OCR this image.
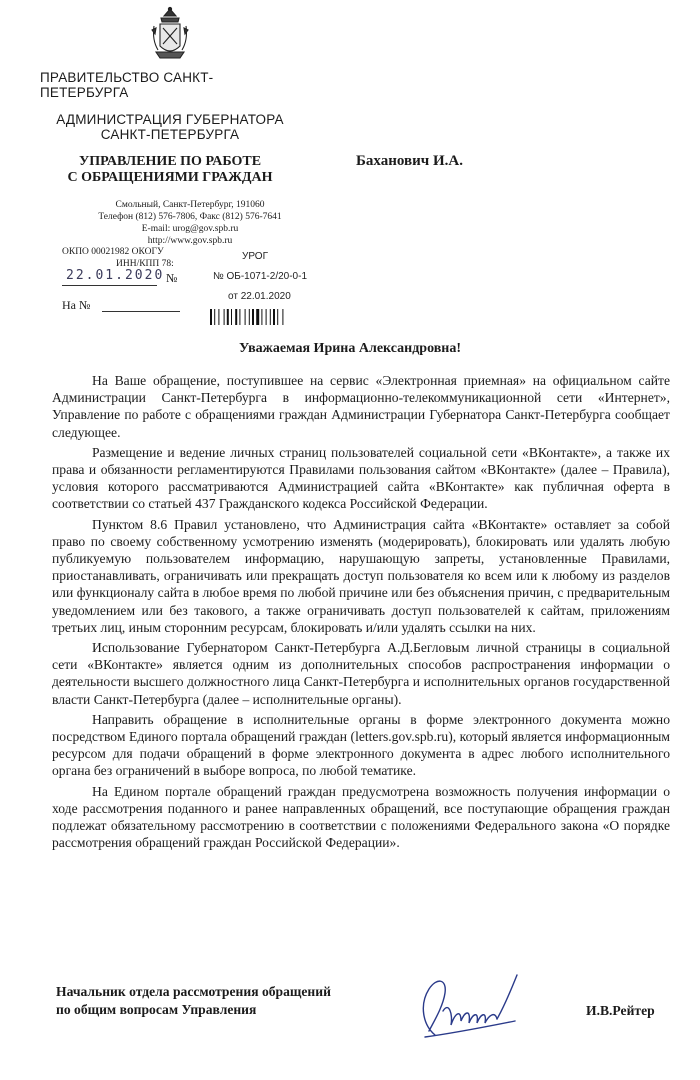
ПРАВИТЕЛЬСТВО САНКТ-ПЕТЕРБУРГА
АДМИНИСТРАЦИЯ ГУБЕРНАТОРА
САНКТ-ПЕТЕРБУРГА
УПРАВЛЕНИЕ ПО РАБОТЕ
С ОБРАЩЕНИЯМИ ГРАЖДАН
Смольный, Санкт-Петербург, 191060
Телефон (812) 576-7806, Факс (812) 576-7641
E-mail: urog@gov.spb.ru
http://www.gov.spb.ru
ОКПО 00021982 ОКОГУ
ИНН/КПП 78:
22.01.2020 №
На №
УРОГ
№ ОБ-1071-2/20-0-1
от 22.01.2020
Баханович И.А.
Уважаемая Ирина Александровна!

На Ваше обращение, поступившее на сервис «Электронная приемная» на официальном сайте Администрации Санкт-Петербурга в информационно-телекоммуникационной сети «Интернет», Управление по работе с обращениями граждан Администрации Губернатора Санкт-Петербурга сообщает следующее.

Размещение и ведение личных страниц пользователей социальной сети «ВКонтакте», а также их права и обязанности регламентируются Правилами пользования сайтом «ВКонтакте» (далее – Правила), условия которого рассматриваются Администрацией сайта «ВКонтакте» как публичная оферта в соответствии со статьей 437 Гражданского кодекса Российской Федерации.

Пунктом 8.6 Правил установлено, что Администрация сайта «ВКонтакте» оставляет за собой право по своему собственному усмотрению изменять (модерировать), блокировать или удалять любую публикуемую пользователем информацию, нарушающую запреты, установленные Правилами, приостанавливать, ограничивать или прекращать доступ пользователя ко всем или к любому из разделов или функционалу сайта в любое время по любой причине или без объяснения причин, с предварительным уведомлением или без такового, а также ограничивать доступ пользователей к сайтам, приложениям третьих лиц, иным сторонним ресурсам, блокировать и/или удалять ссылки на них.

Использование Губернатором Санкт-Петербурга А.Д.Бегловым личной страницы в социальной сети «ВКонтакте» является одним из дополнительных способов распространения информации о деятельности высшего должностного лица Санкт-Петербурга и исполнительных органов государственной власти Санкт-Петербурга (далее – исполнительные органы).

Направить обращение в исполнительные органы в форме электронного документа можно посредством Единого портала обращений граждан (letters.gov.spb.ru), который является информационным ресурсом для подачи обращений в форме электронного документа в адрес любого исполнительного органа без ограничений в выборе вопроса, по любой тематике.

На Едином портале обращений граждан предусмотрена возможность получения информации о ходе рассмотрения поданного и ранее направленных обращений, все поступающие обращения граждан подлежат обязательному рассмотрению в соответствии с положениями Федерального закона «О порядке рассмотрения обращений граждан Российской Федерации».

Начальник отдела рассмотрения обращений
по общим вопросам Управления	И.В.Рейтер
